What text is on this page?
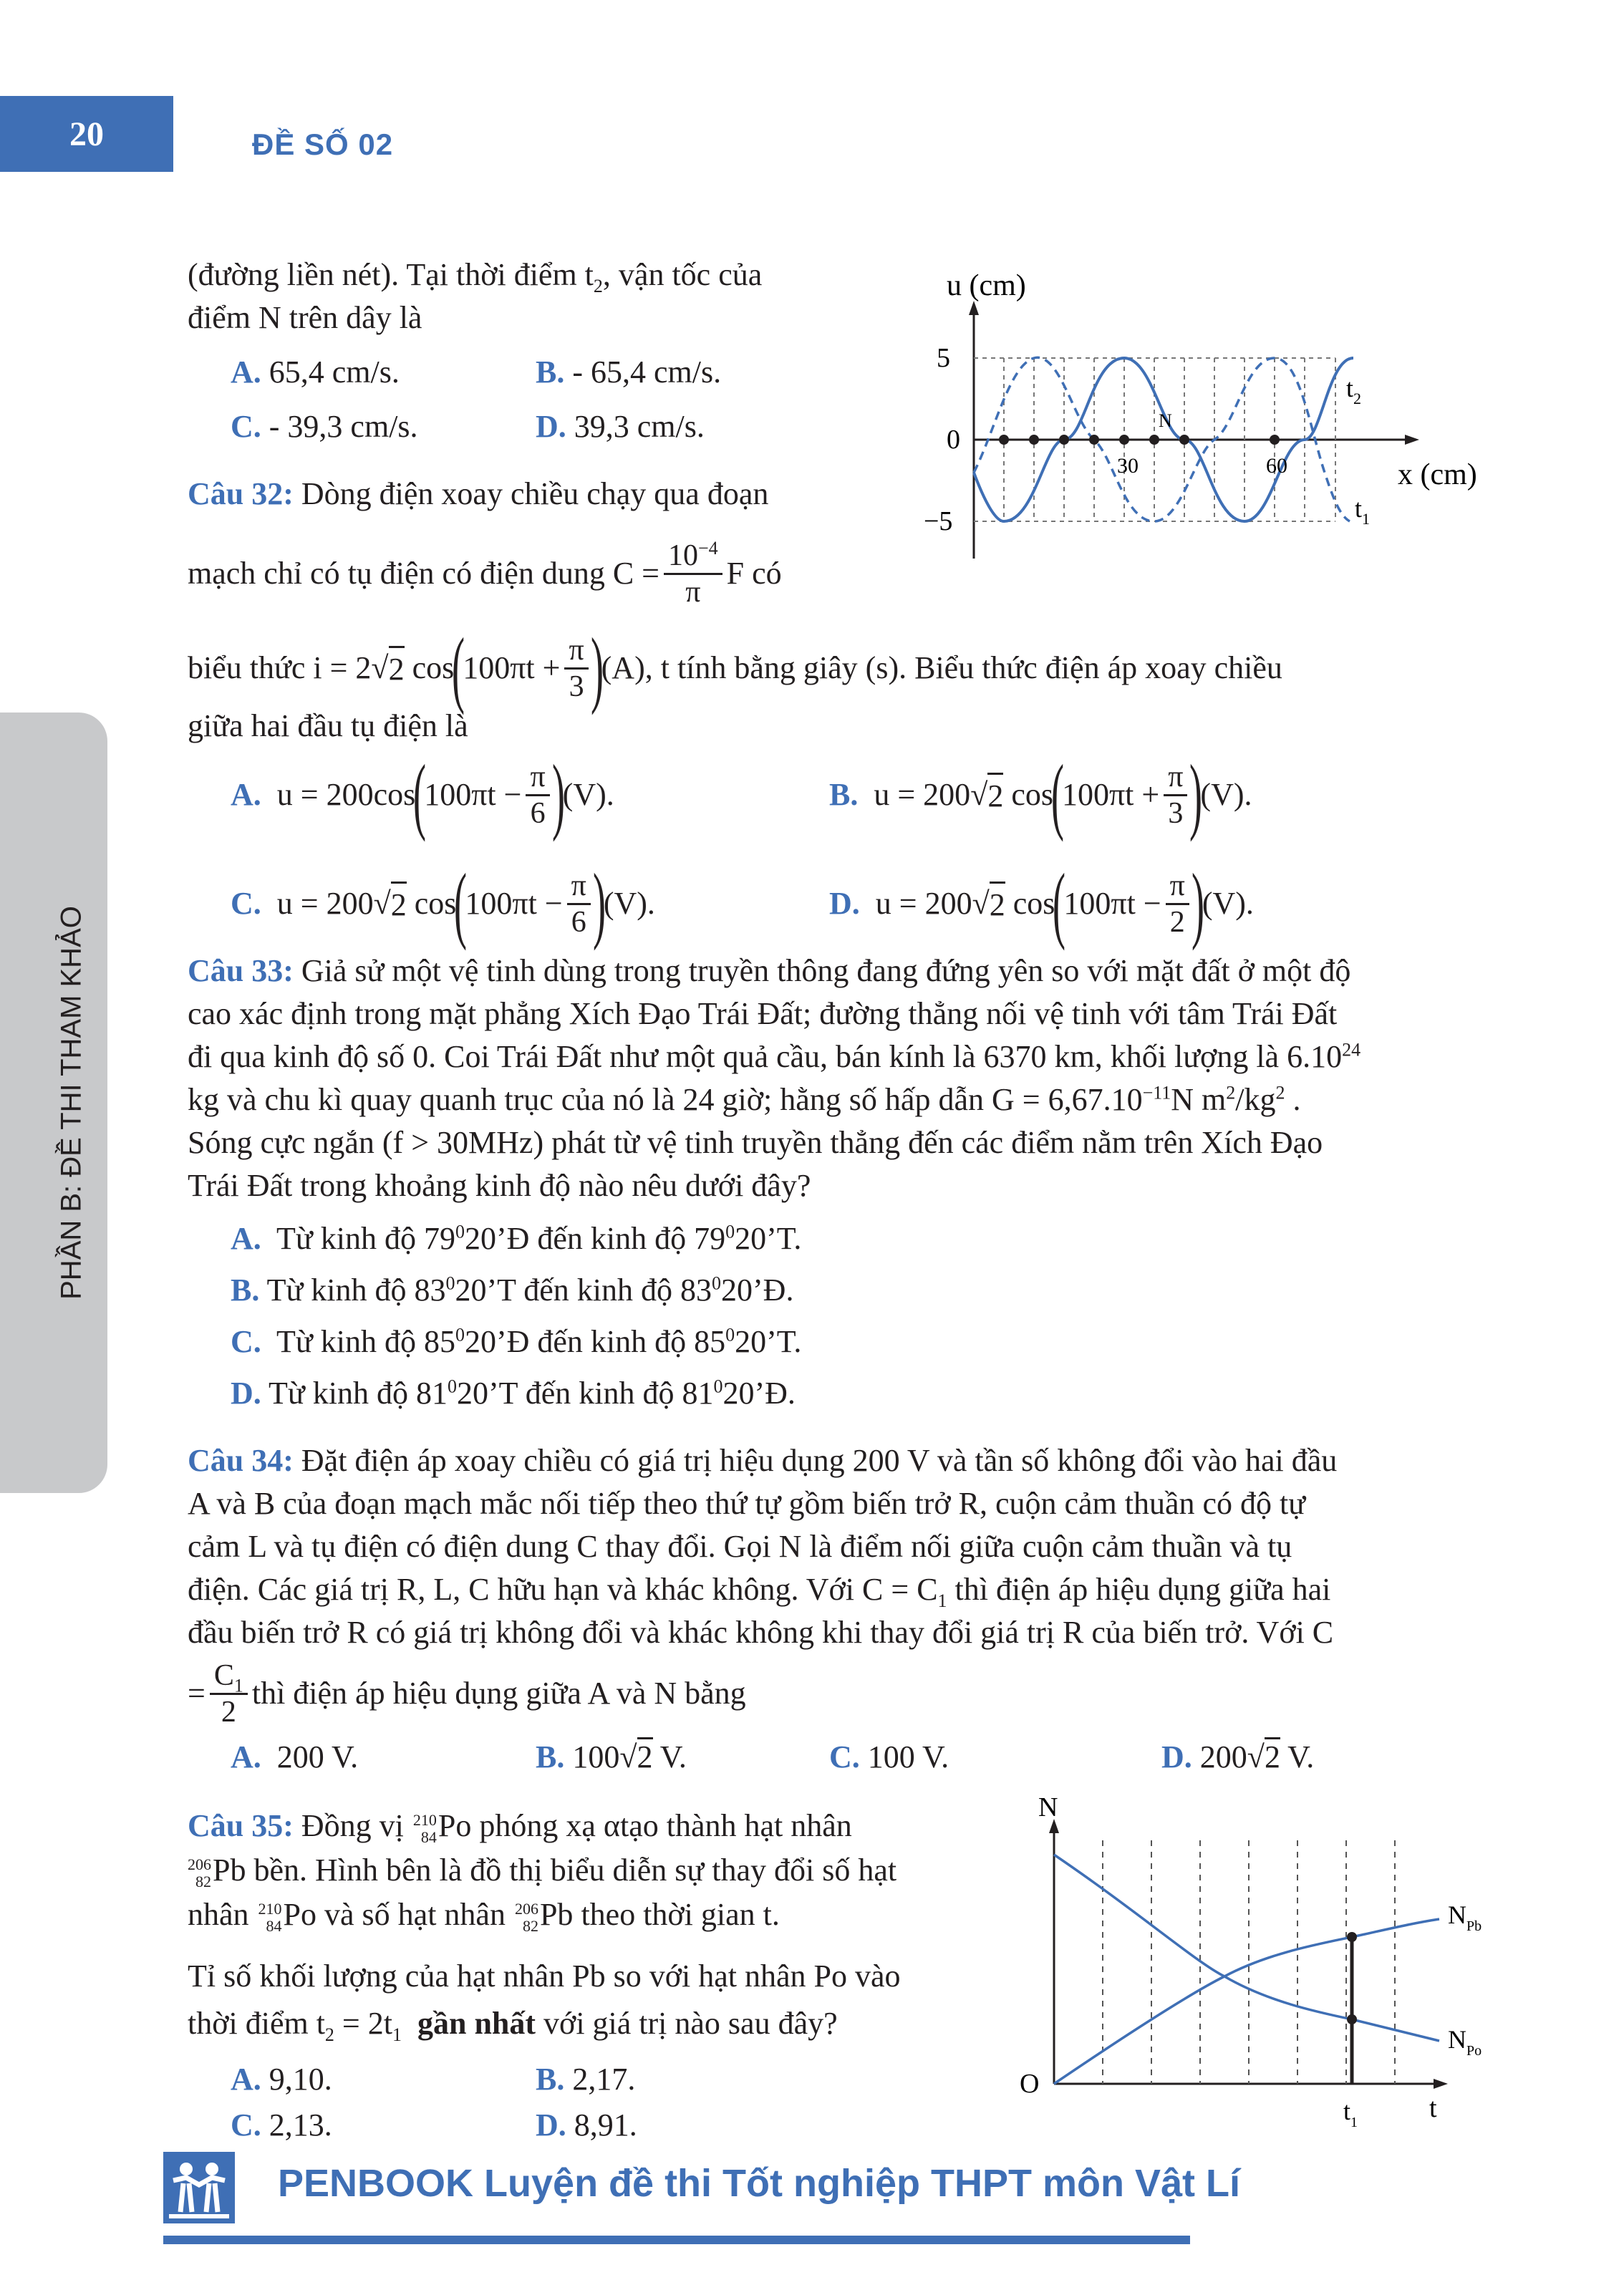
20	ĐỀ SỐ 02
PHẦN B: ĐỀ THI THAM KHẢO
(đường liền nét). Tại thời điểm $t_2$, vận tốc của
điểm N trên dây là
A. 65,4 cm/s.	B. - 65,4 cm/s.
C. - 39,3 cm/s.	D. 39,3 cm/s.
u (cm)
5
0
−5
30	60	x (cm)
N
$t_2$
$t_1$
Câu 32: Dòng điện xoay chiều chạy qua đoạn
mạch chỉ có tụ điện có điện dung $C = \frac{10^{-4}}{\pi}$ F có
biểu thức i = 2 √ 2
cos
(
$100\pi t + \frac{\pi}{3}$ )
(A), t tính bằng giây (s). Biểu thức điện áp xoay chiều
giữa hai đầu tụ điện là
A.
u = 200cos
(
$100\pi t - \frac{\pi}{6}$ )
(V).	B.
u = 200 √ 2
cos
(
$100\pi t + \frac{\pi}{3}$ )
(V).
C.
u = 200 √ 2
cos
(
$100\pi t - \frac{\pi}{6}$ )
(V).	D.
u = 200 √ 2
cos
(
$100\pi t - \frac{\pi}{2}$ )
(V).
Câu 33: Giả sử một vệ tinh dùng trong truyền thông đang đứng yên so với mặt đất ở một độ
cao xác định trong mặt phẳng Xích Đạo Trái Đất; đường thẳng nối vệ tinh với tâm Trái Đất
đi qua kinh độ số 0. Coi Trái Đất như một quả cầu, bán kính là 6370 km, khối lượng là 6.10$^{24}$
kg và chu kì quay quanh trục của nó là 24 giờ; hằng số hấp dẫn $G = 6,67.10^{-11}N$ $m^2/kg^2$ .
Sóng cực ngắn (f > 30MHz) phát từ vệ tinh truyền thẳng đến các điểm nằm trên Xích Đạo
Trái Đất trong khoảng kinh độ nào nêu dưới đây?
A. Từ kinh độ $79^020’Đ$ đến kinh độ $79^020’T$.
B. Từ kinh độ $83^020’T$ đến kinh độ $83^020’Đ$.
C. Từ kinh độ $85^020’Đ$ đến kinh độ $85^020’T$.
D. Từ kinh độ $81^020’T$ đến kinh độ $81^020’Đ$.
Câu 34: Đặt điện áp xoay chiều có giá trị hiệu dụng 200 V và tần số không đổi vào hai đầu
A và B của đoạn mạch mắc nối tiếp theo thứ tự gồm biến trở R, cuộn cảm thuần có độ tự
cảm L và tụ điện có điện dung C thay đổi. Gọi N là điểm nối giữa cuộn cảm thuần và tụ
điện. Các giá trị R, L, C hữu hạn và khác không. Với $C = C_1$ thì điện áp hiệu dụng giữa hai
đầu biến trở R có giá trị không đổi và khác không khi thay đổi giá trị R của biến trở. Với C
= $\frac{C_1}{2}$ thì điện áp hiệu dụng giữa A và N bằng
A. 200 V.	B. 100√2 V.	C. 100 V.	D. 200√2 V.
Câu 35: Đồng vị 210
84 Po phóng xạ αtạo thành hạt nhân
206
82 Pb bền. Hình bên là đồ thị biểu diễn sự thay đổi số hạt
nhân 210
84 Po và số hạt nhân 206
82 Pb theo thời gian t.
Tỉ số khối lượng của hạt nhân Pb so với hạt nhân Po vào
thời điểm $t_2 = 2t_1$ gần nhất với giá trị nào sau đây?
A. 9,10.	B. 2,17.
C. 2,13.	D. 8,91.
N
O
t
$t_1$
$N_{Pb}$
$N_{Po}$
PENBOOK Luyện đề thi Tốt nghiệp THPT môn Vật Lí
